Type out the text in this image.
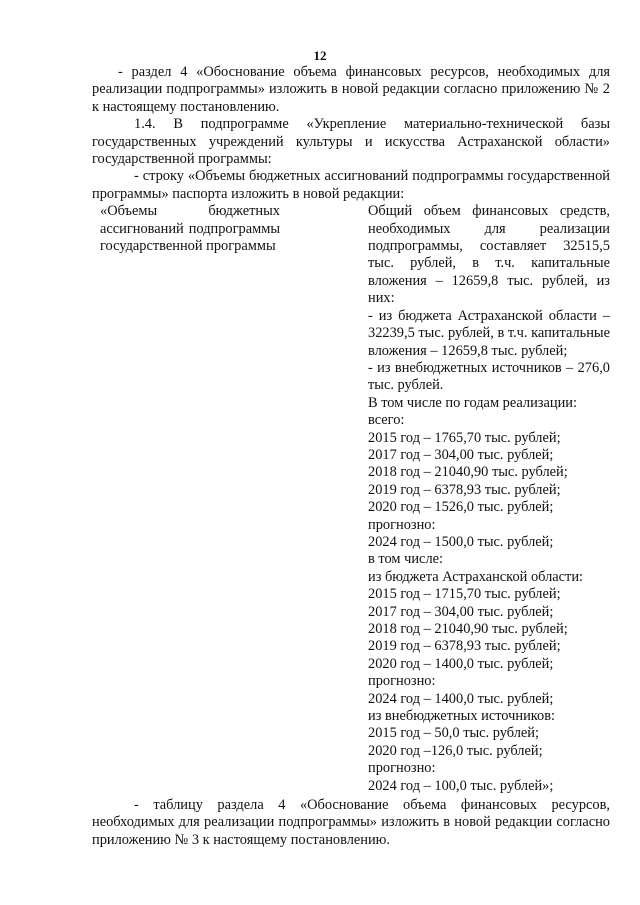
12

- раздел 4 «Обоснование объема финансовых ресурсов, необходимых для реализации подпрограммы» изложить в новой редакции согласно приложению № 2 к настоящему постановлению.

1.4. В подпрограмме «Укрепление материально-технической базы государственных учреждений культуры и искусства Астраханской области» государственной программы:

- строку «Объемы бюджетных ассигнований подпрограммы государственной программы» паспорта изложить в новой редакции:

«Объемы бюджетных ассигнований подпрограммы государственной программы
Общий объем финансовых средств, необходимых для реализации подпрограммы, составляет 32515,5 тыс. рублей, в т.ч. капитальные вложения – 12659,8 тыс. рублей, из них:
- из бюджета Астраханской области – 32239,5 тыс. рублей, в т.ч. капитальные вложения – 12659,8 тыс. рублей;
- из внебюджетных источников – 276,0 тыс. рублей.
В том числе по годам реализации:
всего:
2015 год – 1765,70 тыс. рублей;
2017 год – 304,00 тыс. рублей;
2018 год – 21040,90 тыс. рублей;
2019 год – 6378,93 тыс. рублей;
2020 год – 1526,0 тыс. рублей;
прогнозно:
2024 год – 1500,0 тыс. рублей;
в том числе:
из бюджета Астраханской области:
2015 год – 1715,70 тыс. рублей;
2017 год – 304,00 тыс. рублей;
2018 год – 21040,90 тыс. рублей;
2019 год – 6378,93 тыс. рублей;
2020 год – 1400,0 тыс. рублей;
прогнозно:
2024 год – 1400,0 тыс. рублей;
из внебюджетных источников:
2015 год – 50,0 тыс. рублей;
2020 год –126,0 тыс. рублей;
прогнозно:
2024 год – 100,0 тыс. рублей»;

- таблицу раздела 4 «Обоснование объема финансовых ресурсов, необходимых для реализации подпрограммы» изложить в новой редакции согласно приложению № 3 к настоящему постановлению.
